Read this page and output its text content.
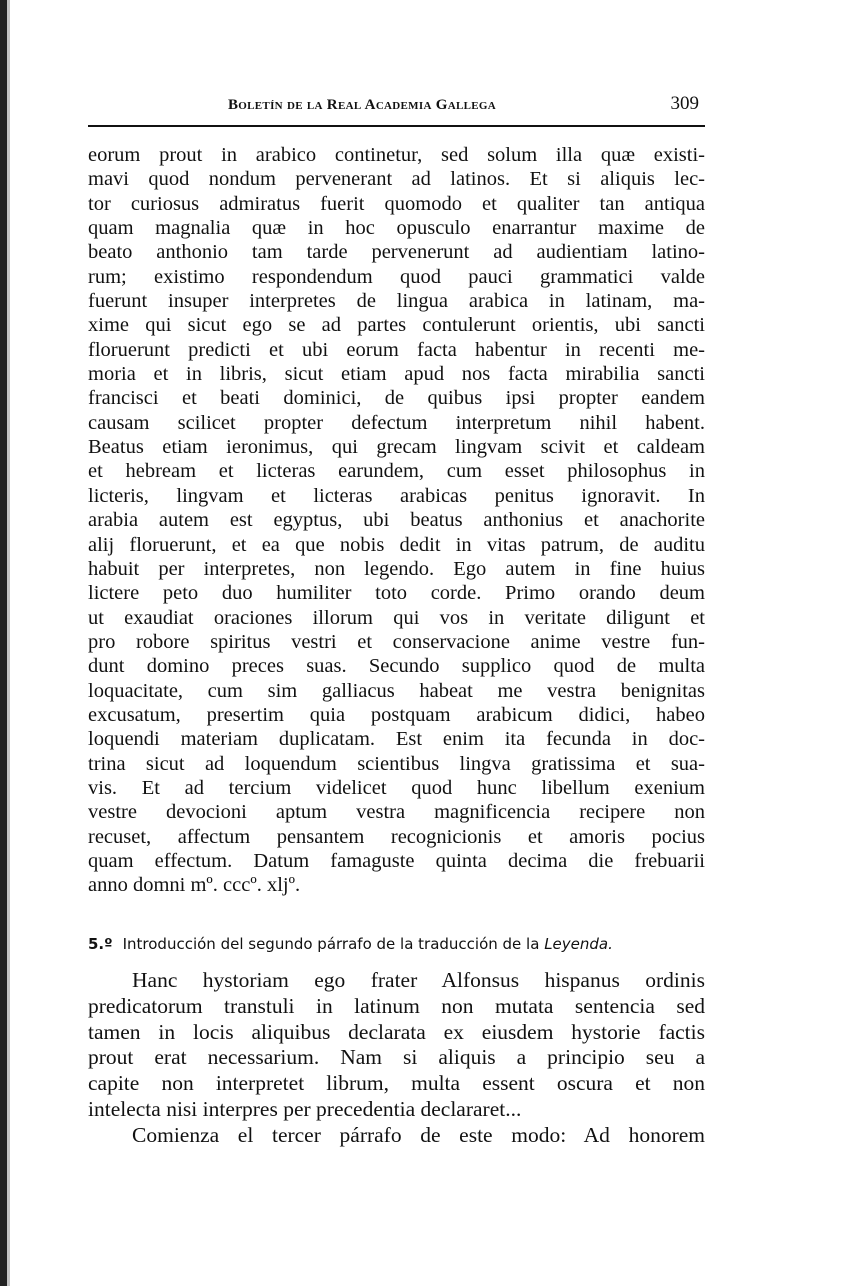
Boletín de la Real Academia Gallega	309
eorum prout in arabico continetur, sed solum illa quæ existi-
mavi quod nondum pervenerant ad latinos. Et si aliquis lec-
tor curiosus admiratus fuerit quomodo et qualiter tan antiqua
quam magnalia quæ in hoc opusculo enarrantur maxime de
beato anthonio tam tarde pervenerunt ad audientiam latino-
rum; existimo respondendum quod pauci grammatici valde
fuerunt insuper interpretes de lingua arabica in latinam, ma-
xime qui sicut ego se ad partes contulerunt orientis, ubi sancti
floruerunt predicti et ubi eorum facta habentur in recenti me-
moria et in libris, sicut etiam apud nos facta mirabilia sancti
francisci et beati dominici, de quibus ipsi propter eandem
causam scilicet propter defectum interpretum nihil habent.
Beatus etiam ieronimus, qui grecam lingvam scivit et caldeam
et hebream et licteras earundem, cum esset philosophus in
licteris, lingvam et licteras arabicas penitus ignoravit. In
arabia autem est egyptus, ubi beatus anthonius et anachorite
alij floruerunt, et ea que nobis dedit in vitas patrum, de auditu
habuit per interpretes, non legendo. Ego autem in fine huius
lictere peto duo humiliter toto corde. Primo orando deum
ut exaudiat oraciones illorum qui vos in veritate diligunt et
pro robore spiritus vestri et conservacione anime vestre fun-
dunt domino preces suas. Secundo supplico quod de multa
loquacitate, cum sim galliacus habeat me vestra benignitas
excusatum, presertim quia postquam arabicum didici, habeo
loquendi materiam duplicatam. Est enim ita fecunda in doc-
trina sicut ad loquendum scientibus lingva gratissima et sua-
vis. Et ad tercium videlicet quod hunc libellum exenium
vestre devocioni aptum vestra magnificencia recipere non
recuset, affectum pensantem recognicionis et amoris pocius
quam effectum. Datum famaguste quinta decima die frebuarii
anno domni mº. cccº. xljº.
5.º Introducción del segundo párrafo de la traducción de la Leyenda.
Hanc hystoriam ego frater Alfonsus hispanus ordinis
predicatorum transtuli in latinum non mutata sentencia sed
tamen in locis aliquibus declarata ex eiusdem hystorie factis
prout erat necessarium. Nam si aliquis a principio seu a
capite non interpretet librum, multa essent oscura et non
intelecta nisi interpres per precedentia declararet...
Comienza el tercer párrafo de este modo: Ad honorem
